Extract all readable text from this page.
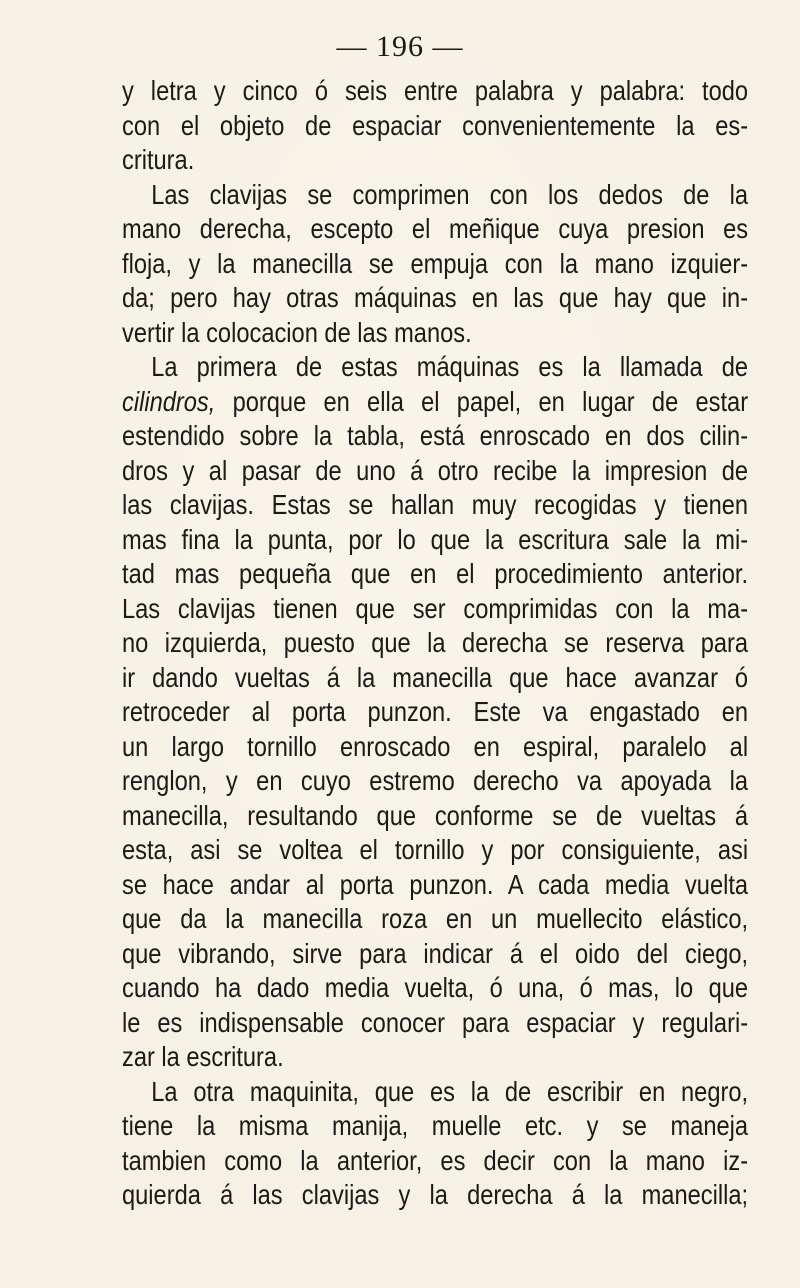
— 196 —
y letra y cinco ó seis entre palabra y palabra: todo
con el objeto de espaciar convenientemente la es-
critura.
Las clavijas se comprimen con los dedos de la
mano derecha, escepto el meñique cuya presion es
floja, y la manecilla se empuja con la mano izquier-
da; pero hay otras máquinas en las que hay que in-
vertir la colocacion de las manos.
La primera de estas máquinas es la llamada de
cilindros, porque en ella el papel, en lugar de estar
estendido sobre la tabla, está enroscado en dos cilin-
dros y al pasar de uno á otro recibe la impresion de
las clavijas. Estas se hallan muy recogidas y tienen
mas fina la punta, por lo que la escritura sale la mi-
tad mas pequeña que en el procedimiento anterior.
Las clavijas tienen que ser comprimidas con la ma-
no izquierda, puesto que la derecha se reserva para
ir dando vueltas á la manecilla que hace avanzar ó
retroceder al porta punzon. Este va engastado en
un largo tornillo enroscado en espiral, paralelo al
renglon, y en cuyo estremo derecho va apoyada la
manecilla, resultando que conforme se de vueltas á
esta, asi se voltea el tornillo y por consiguiente, asi
se hace andar al porta punzon. A cada media vuelta
que da la manecilla roza en un muellecito elástico,
que vibrando, sirve para indicar á el oido del ciego,
cuando ha dado media vuelta, ó una, ó mas, lo que
le es indispensable conocer para espaciar y regulari-
zar la escritura.
La otra maquinita, que es la de escribir en negro,
tiene la misma manija, muelle etc. y se maneja
tambien como la anterior, es decir con la mano iz-
quierda á las clavijas y la derecha á la manecilla;
